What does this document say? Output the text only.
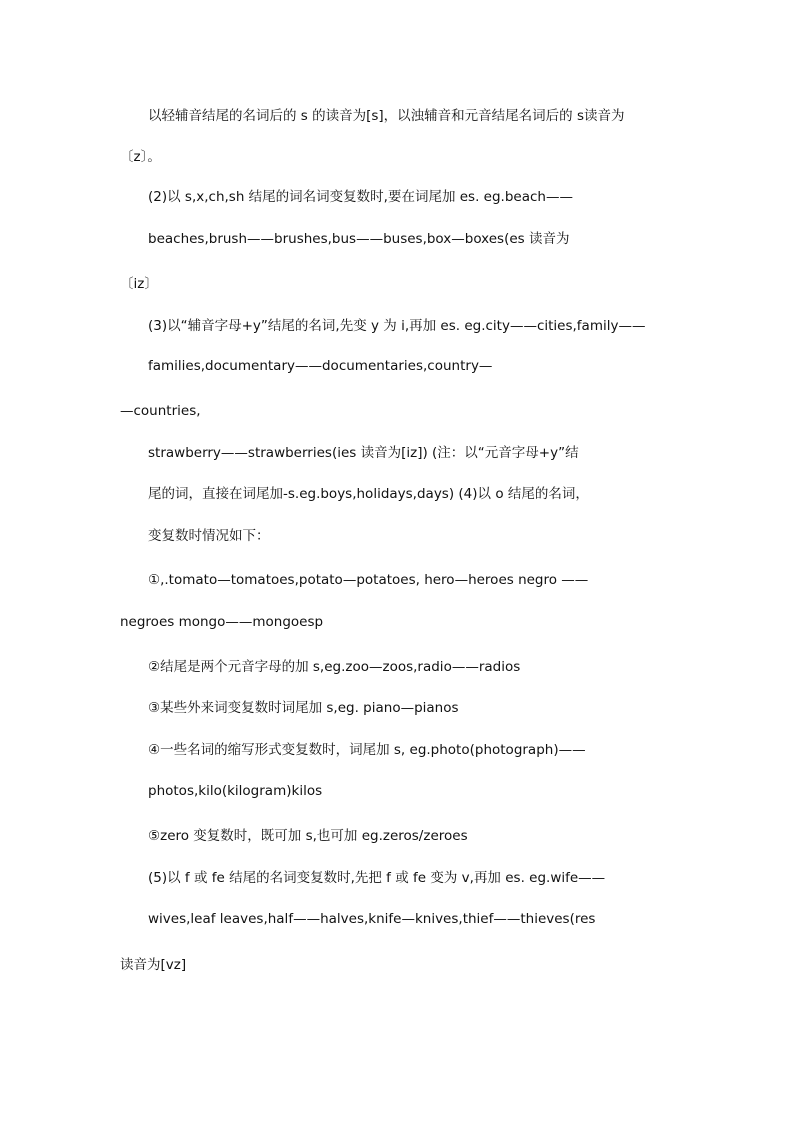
以轻辅音结尾的名词后的 s 的读音为[s]，以浊辅音和元音结尾名词后的 s读音为
〔z〕。
(2)以 s,x,ch,sh 结尾的词名词变复数时,要在词尾加 es. eg.beach——
beaches,brush——brushes,bus——buses,box—boxes(es 读音为
〔iz〕
(3)以“辅音字母+y”结尾的名词,先变 y 为 i,再加 es. eg.city——cities,family——
families,documentary——documentaries,country—
—countries,
strawberry——strawberries(ies 读音为[iz]) (注：以“元音字母+y”结
尾的词，直接在词尾加-s.eg.boys,holidays,days) (4)以 o 结尾的名词，
变复数时情况如下：
①,.tomato—tomatoes,potato—potatoes, hero—heroes negro ——
negroes mongo——mongoesp
②结尾是两个元音字母的加 s,eg.zoo—zoos,radio——radios
③某些外来词变复数时词尾加 s,eg. piano—pianos
④一些名词的缩写形式变复数时，词尾加 s, eg.photo(photograph)——
photos,kilo(kilogram)kilos
⑤zero 变复数时，既可加 s,也可加 eg.zeros/zeroes
(5)以 f 或 fe 结尾的名词变复数时,先把 f 或 fe 变为 v,再加 es. eg.wife——
wives,leaf leaves,half——halves,knife—knives,thief——thieves(res
读音为[vz]
